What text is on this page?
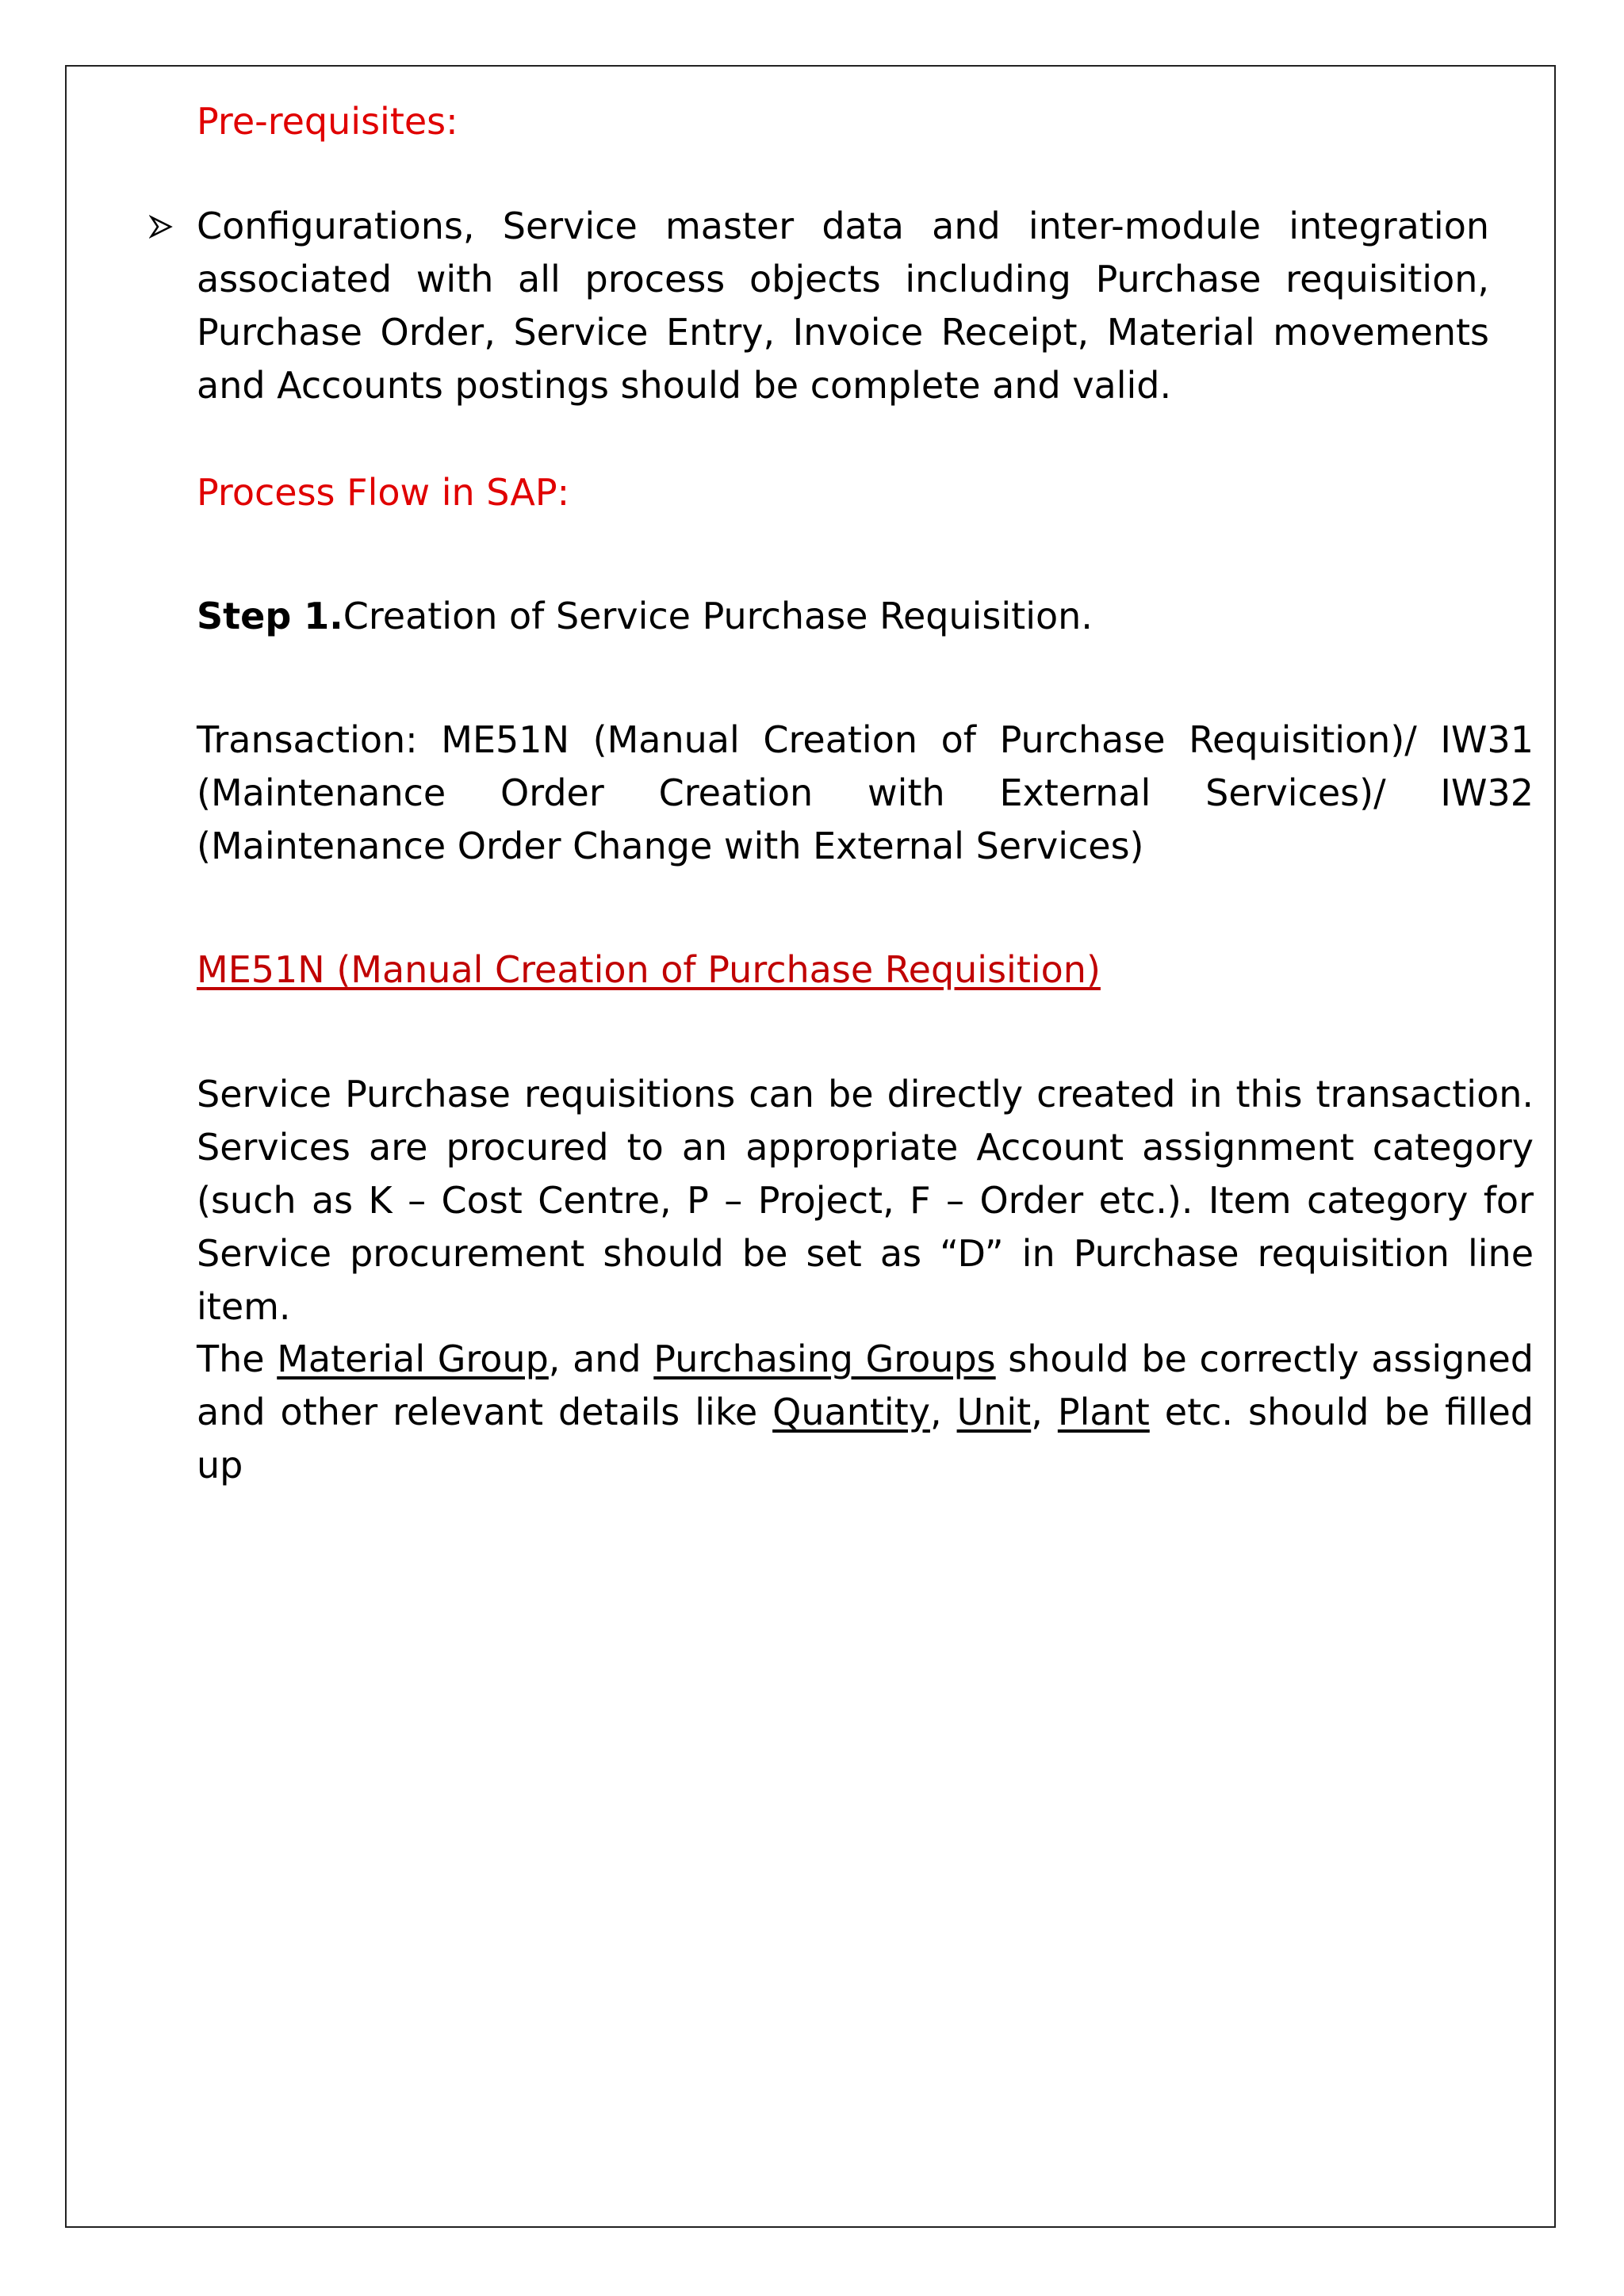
Pre-requisites:
Configurations, Service master data and inter-module integration associated with all process objects including Purchase requisition, Purchase Order, Service Entry, Invoice Receipt, Material movements and Accounts postings should be complete and valid.
Process Flow in SAP:
Step 1.Creation of Service Purchase Requisition.
Transaction: ME51N (Manual Creation of Purchase Requisition)/ IW31 (Maintenance Order Creation with External Services)/ IW32 (Maintenance Order Change with External Services)
ME51N (Manual Creation of Purchase Requisition)
Service Purchase requisitions can be directly created in this transaction. Services are procured to an appropriate Account assignment category (such as K – Cost Centre, P – Project, F – Order etc.). Item category for Service procurement should be set as “D” in Purchase requisition line item.
The Material Group, and Purchasing Groups should be correctly assigned and other relevant details like Quantity, Unit, Plant etc. should be filled up
